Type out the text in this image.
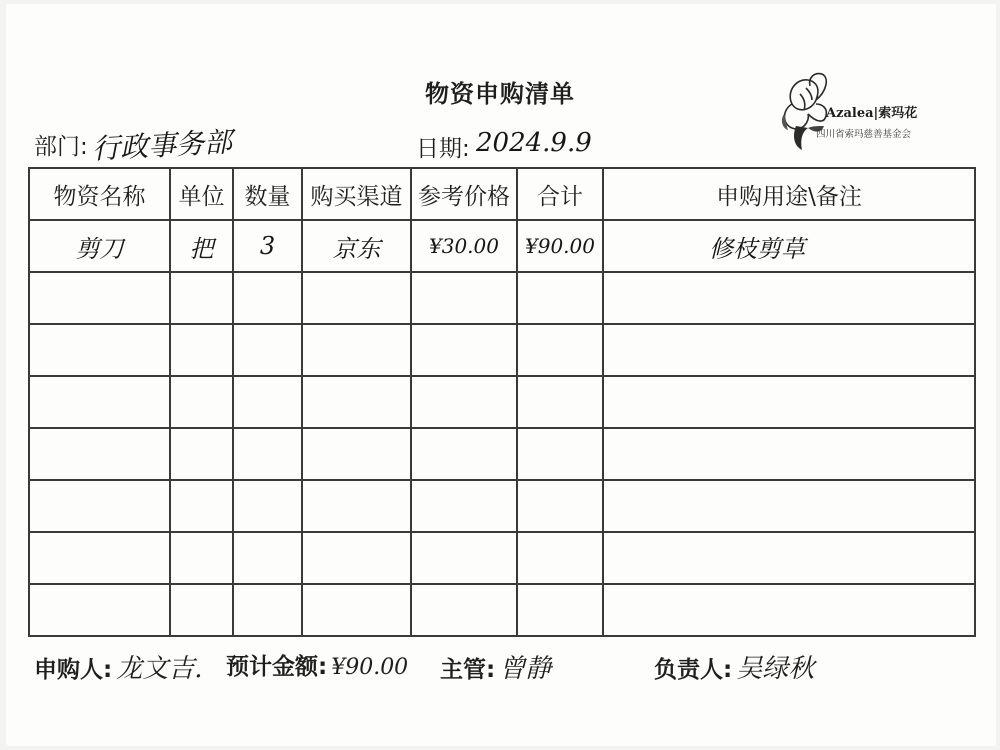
物资申购清单
部门: 行政事务部	日期: 2024.9.9
Azalea|索玛花
四川省索玛慈善基金会
物资名称	单位	数量	购买渠道	参考价格	合计	申购用途\备注
剪刀	把	3	京东	¥30.00	¥90.00	修枝剪草

申购人: 龙文吉. 预计金额: ¥90.00 主管: 曾静	负责人: 吴绿秋
